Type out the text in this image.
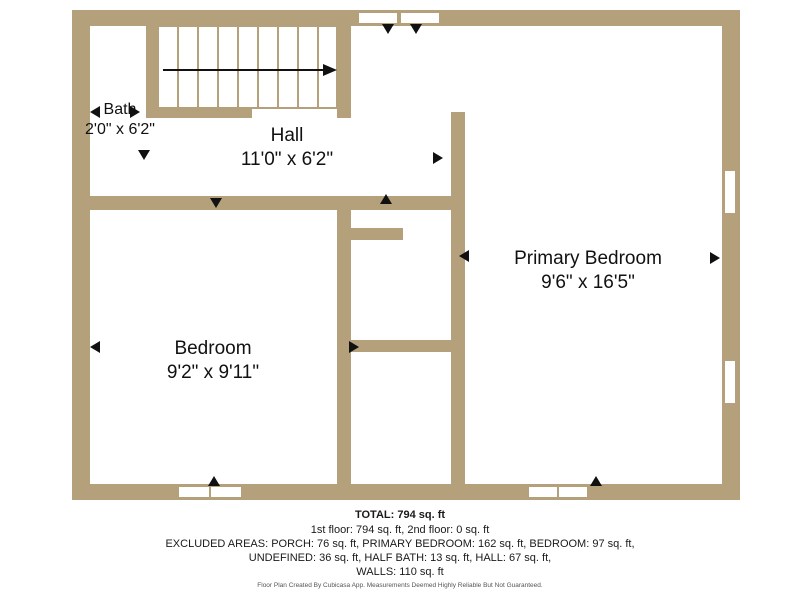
Bath
2'0" x 6'2"	Hall
11'0" x 6'2"
Primary Bedroom
9'6" x 16'5"
Bedroom
9'2" x 9'11"
TOTAL: 794 sq. ft
1st floor: 794 sq. ft, 2nd floor: 0 sq. ft
EXCLUDED AREAS: PORCH: 76 sq. ft, PRIMARY BEDROOM: 162 sq. ft, BEDROOM: 97 sq. ft,
UNDEFINED: 36 sq. ft, HALF BATH: 13 sq. ft, HALL: 67 sq. ft,
WALLS: 110 sq. ft
Floor Plan Created By Cubicasa App. Measurements Deemed Highly Reliable But Not Guaranteed.
